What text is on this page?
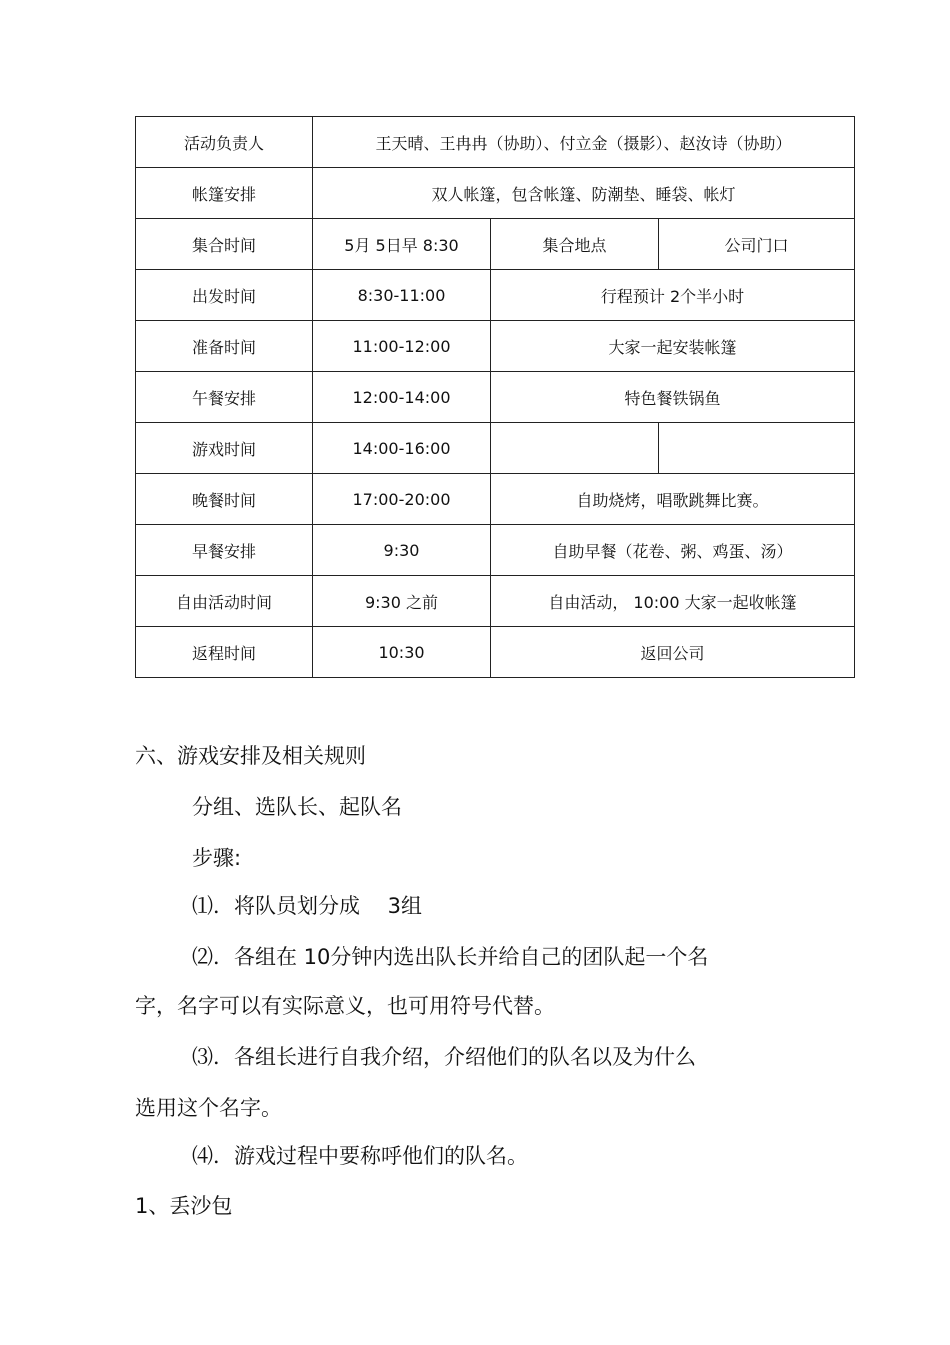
活动负责人	王天晴、王冉冉（协助）、付立金（摄影）、赵汝诗（协助）		
帐篷安排	双人帐篷，包含帐篷、防潮垫、睡袋、帐灯		
集合时间	5月 5日早 8:30	集合地点	公司门口
出发时间	8:30-11:00	行程预计 2个半小时	
准备时间	11:00-12:00	大家一起安装帐篷	
午餐安排	12:00-14:00	特色餐铁锅鱼	
游戏时间	14:00-16:00		
晚餐时间	17:00-20:00	自助烧烤，唱歌跳舞比赛。	
早餐安排	9:30	自助早餐（花卷、粥、鸡蛋、汤）	
自由活动时间	9:30 之前	自由活动， 10:00 大家一起收帐篷	
返程时间	10:30	返回公司	
六、游戏安排及相关规则
分组、选队长、起队名
步骤:
⑴．将队员划分成　 3组
⑵．各组在 10分钟内选出队长并给自己的团队起一个名
字，名字可以有实际意义，也可用符号代替。
⑶．各组长进行自我介绍，介绍他们的队名以及为什么
选用这个名字。
⑷．游戏过程中要称呼他们的队名。
1、丢沙包
